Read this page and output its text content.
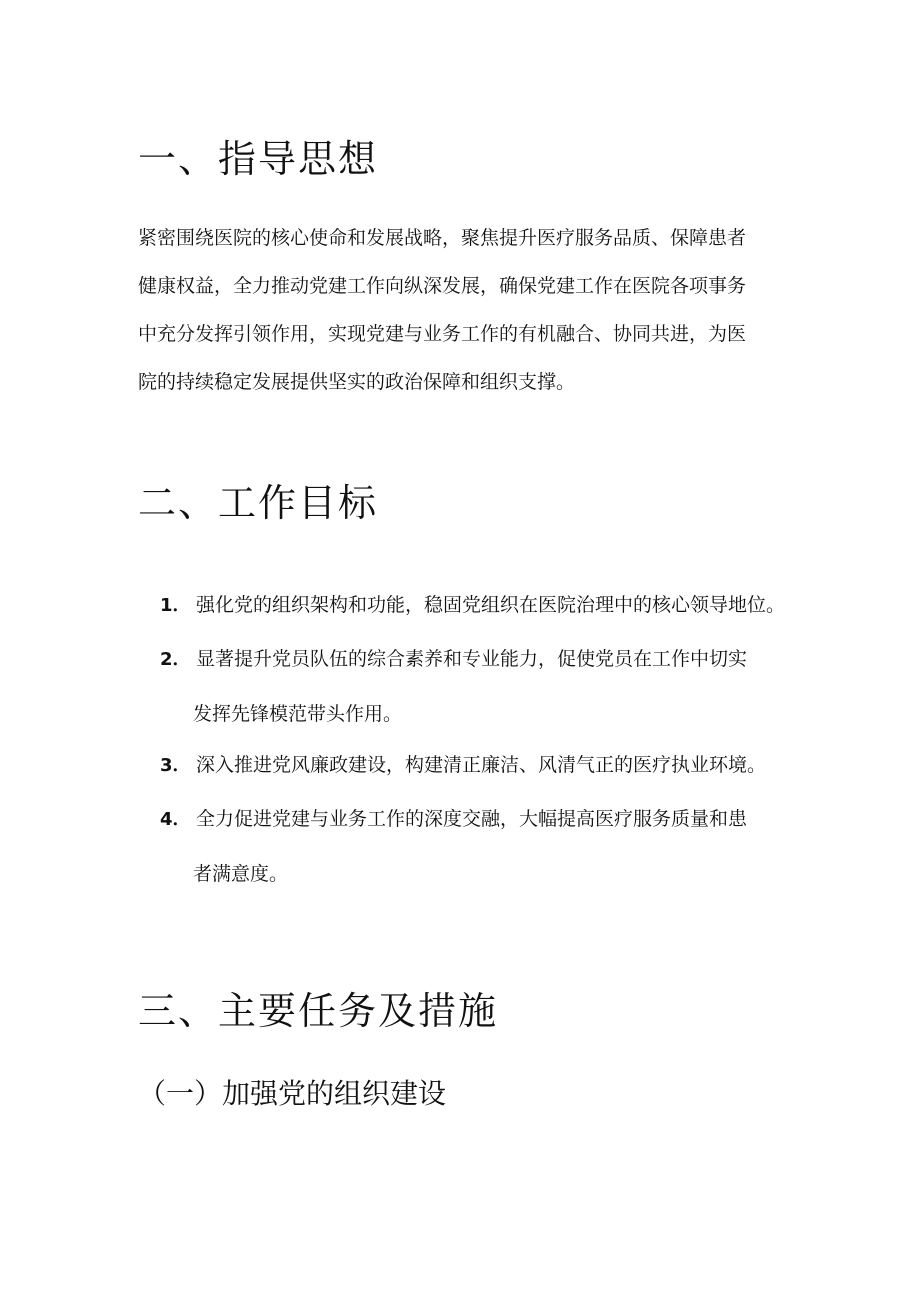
一、指导思想

紧密围绕医院的核心使命和发展战略，聚焦提升医疗服务品质、保障患者
健康权益，全力推动党建工作向纵深发展，确保党建工作在医院各项事务
中充分发挥引领作用，实现党建与业务工作的有机融合、协同共进，为医
院的持续稳定发展提供坚实的政治保障和组织支撑。

二、工作目标
1． 强化党的组织架构和功能，稳固党组织在医院治理中的核心领导地位。
2． 显著提升党员队伍的综合素养和专业能力，促使党员在工作中切实
发挥先锋模范带头作用。
3． 深入推进党风廉政建设，构建清正廉洁、风清气正的医疗执业环境。
4． 全力促进党建与业务工作的深度交融，大幅提高医疗服务质量和患
者满意度。
三、主要任务及措施
（一）加强党的组织建设
